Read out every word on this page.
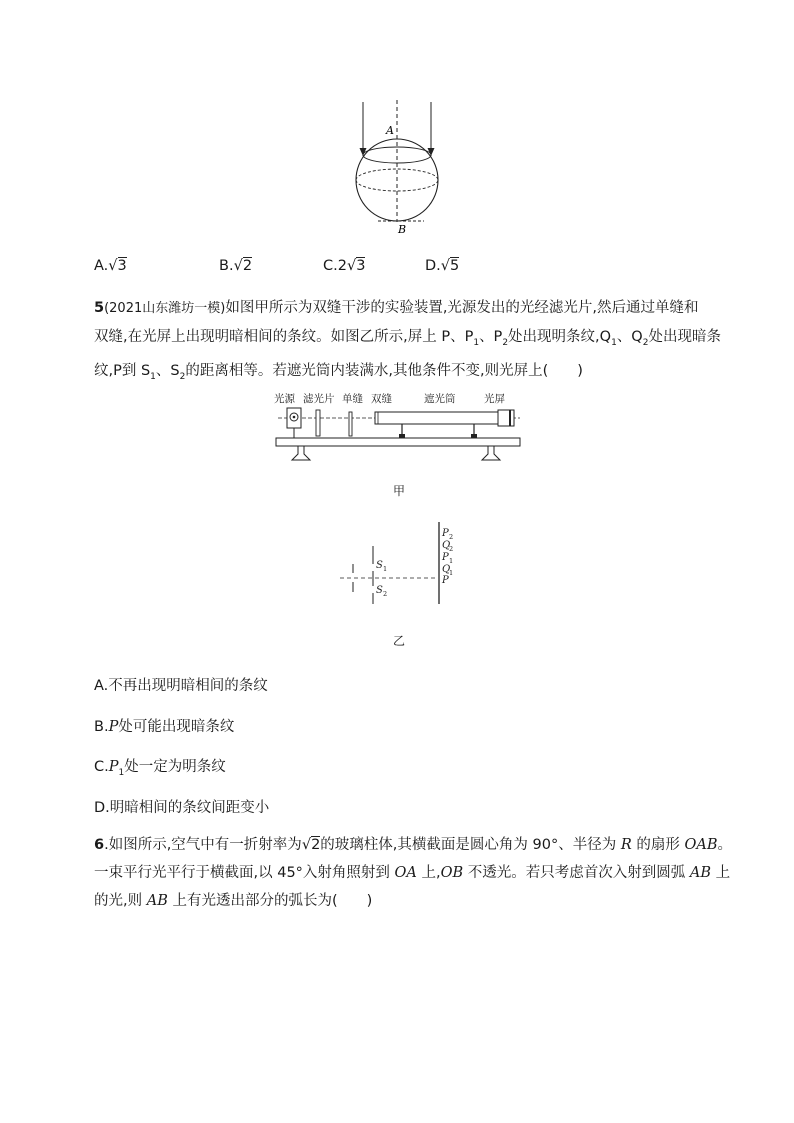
A
B
A.√3	B.√2	C.2√3	D.√5
5(2021山东潍坊一模)如图甲所示为双缝干涉的实验装置,光源发出的光经滤光片,然后通过单缝和
双缝,在光屏上出现明暗相间的条纹。如图乙所示,屏上 P、$P_1$、$P_2$处出现明条纹$,Q_1$、$Q_2$处出现暗条
纹,P到 $S_1$、$S_2$的距离相等。若遮光筒内装满水,其他条件不变,则光屏上(　　)
光源 滤光片 单缝 双缝	遮光筒	光屏
甲
S 1
S 2
P 2
Q
2
P 1
Q
1
P
乙
A.不再出现明暗相间的条纹
B.P处可能出现暗条纹
$C.P_1$处一定为明条纹
D.明暗相间的条纹间距变小
6.如图所示,空气中有一折射率为√2的玻璃柱体,其横截面是圆心角为 90°、半径为 R 的扇形 OAB。
一束平行光平行于横截面,以 45°入射角照射到 OA 上,OB 不透光。若只考虑首次入射到圆弧 AB 上
的光,则 AB 上有光透出部分的弧长为(　　)
